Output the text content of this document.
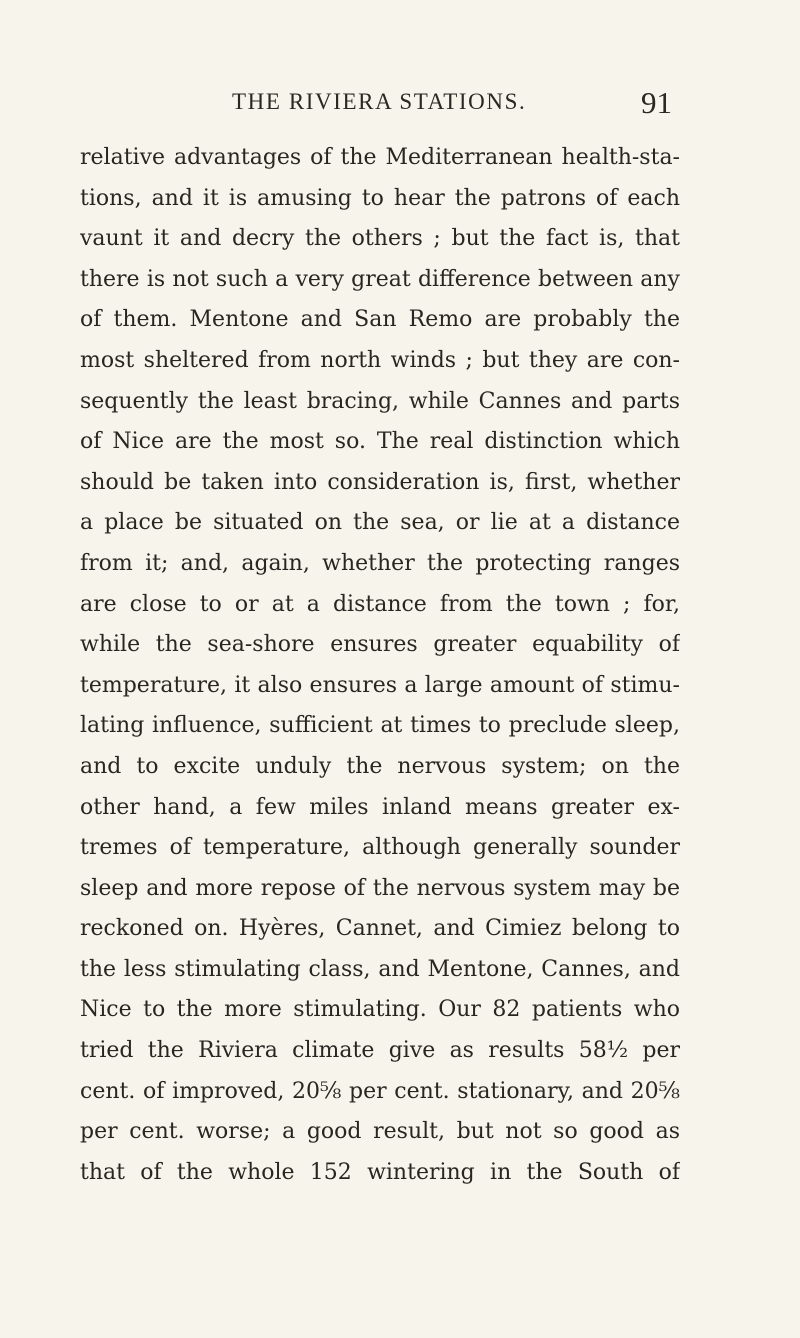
THE RIVIERA STATIONS.	91
relative advantages of the Mediterranean health-sta-
tions, and it is amusing to hear the patrons of each
vaunt it and decry the others ; but the fact is, that
there is not such a very great difference between any
of them. Mentone and San Remo are probably the
most sheltered from north winds ; but they are con-
sequently the least bracing, while Cannes and parts
of Nice are the most so. The real distinction which
should be taken into consideration is, first, whether
a place be situated on the sea, or lie at a distance
from it; and, again, whether the protecting ranges
are close to or at a distance from the town ; for,
while the sea-shore ensures greater equability of
temperature, it also ensures a large amount of stimu-
lating influence, sufficient at times to preclude sleep,
and to excite unduly the nervous system; on the
other hand, a few miles inland means greater ex-
tremes of temperature, although generally sounder
sleep and more repose of the nervous system may be
reckoned on. Hyères, Cannet, and Cimiez belong to
the less stimulating class, and Mentone, Cannes, and
Nice to the more stimulating. Our 82 patients who
tried the Riviera climate give as results 58½ per
cent. of improved, 20⅝ per cent. stationary, and 20⅝
per cent. worse; a good result, but not so good as
that of the whole 152 wintering in the South of
